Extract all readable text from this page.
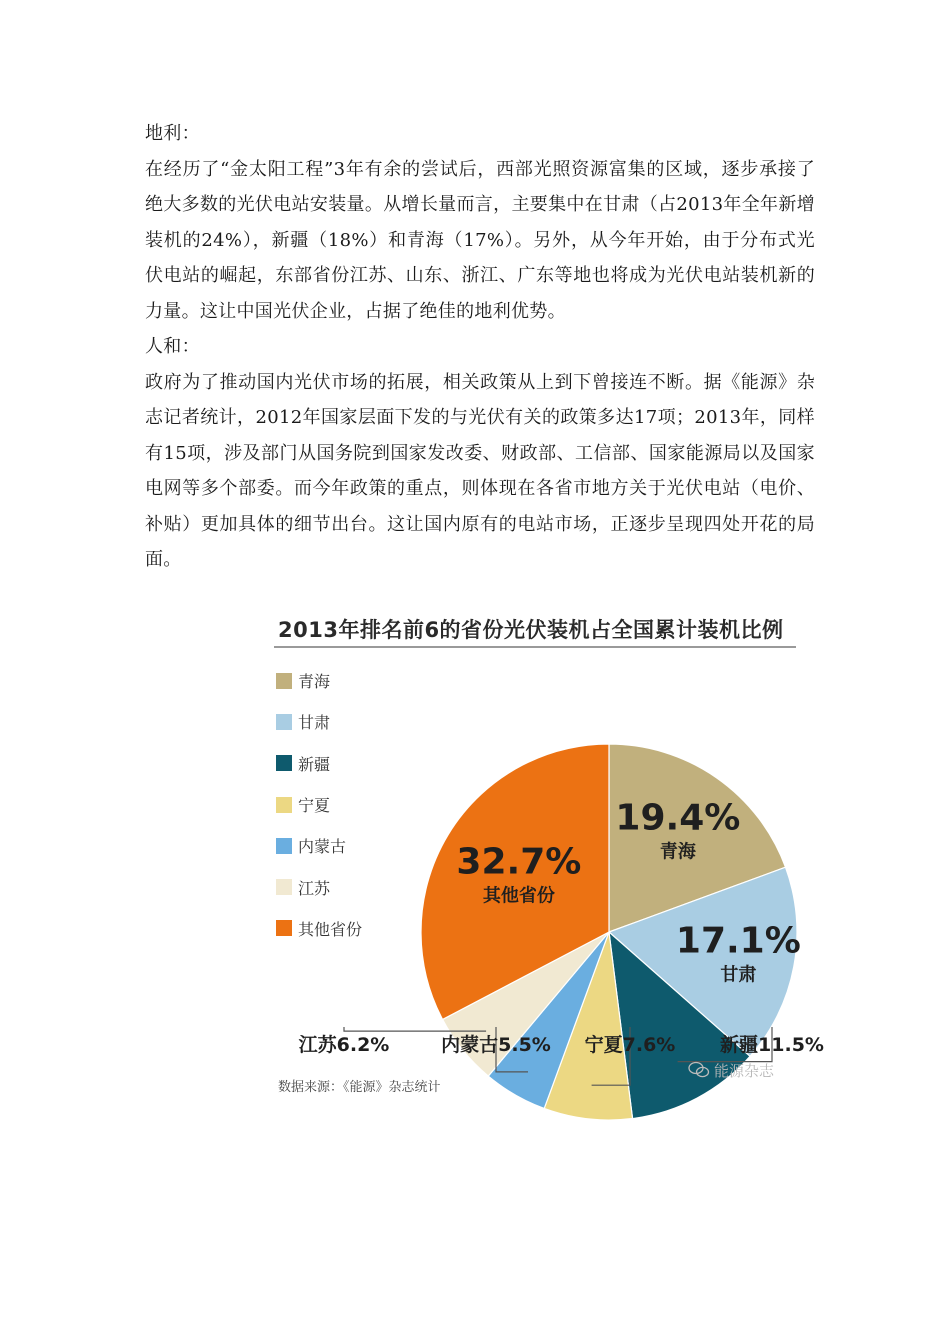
地利：

在经历了“金太阳工程”3年有余的尝试后，西部光照资源富集的区域，逐步承接了绝大多数的光伏电站安装量。从增长量而言，主要集中在甘肃（占2013年全年新增装机的24%），新疆（18%）和青海（17%）。另外，从今年开始，由于分布式光伏电站的崛起，东部省份江苏、山东、浙江、广东等地也将成为光伏电站装机新的力量。这让中国光伏企业，占据了绝佳的地利优势。

人和：

政府为了推动国内光伏市场的拓展，相关政策从上到下曾接连不断。据《能源》杂志记者统计，2012年国家层面下发的与光伏有关的政策多达17项；2013年，同样有15项，涉及部门从国务院到国家发改委、财政部、工信部、国家能源局以及国家电网等多个部委。而今年政策的重点，则体现在各省市地方关于光伏电站（电价、补贴）更加具体的细节出台。这让国内原有的电站市场，正逐步呈现四处开花的局面。

2013年排名前6的省份光伏装机占全国累计装机比例
青海
甘肃
新疆
宁夏
内蒙古
江苏
其他省份
19.4%
青海
17.1%
甘肃
32.7%
其他省份
新疆11.5%
宁夏7.6%
内蒙古5.5%
江苏6.2%
数据来源：《能源》杂志统计
能源杂志
